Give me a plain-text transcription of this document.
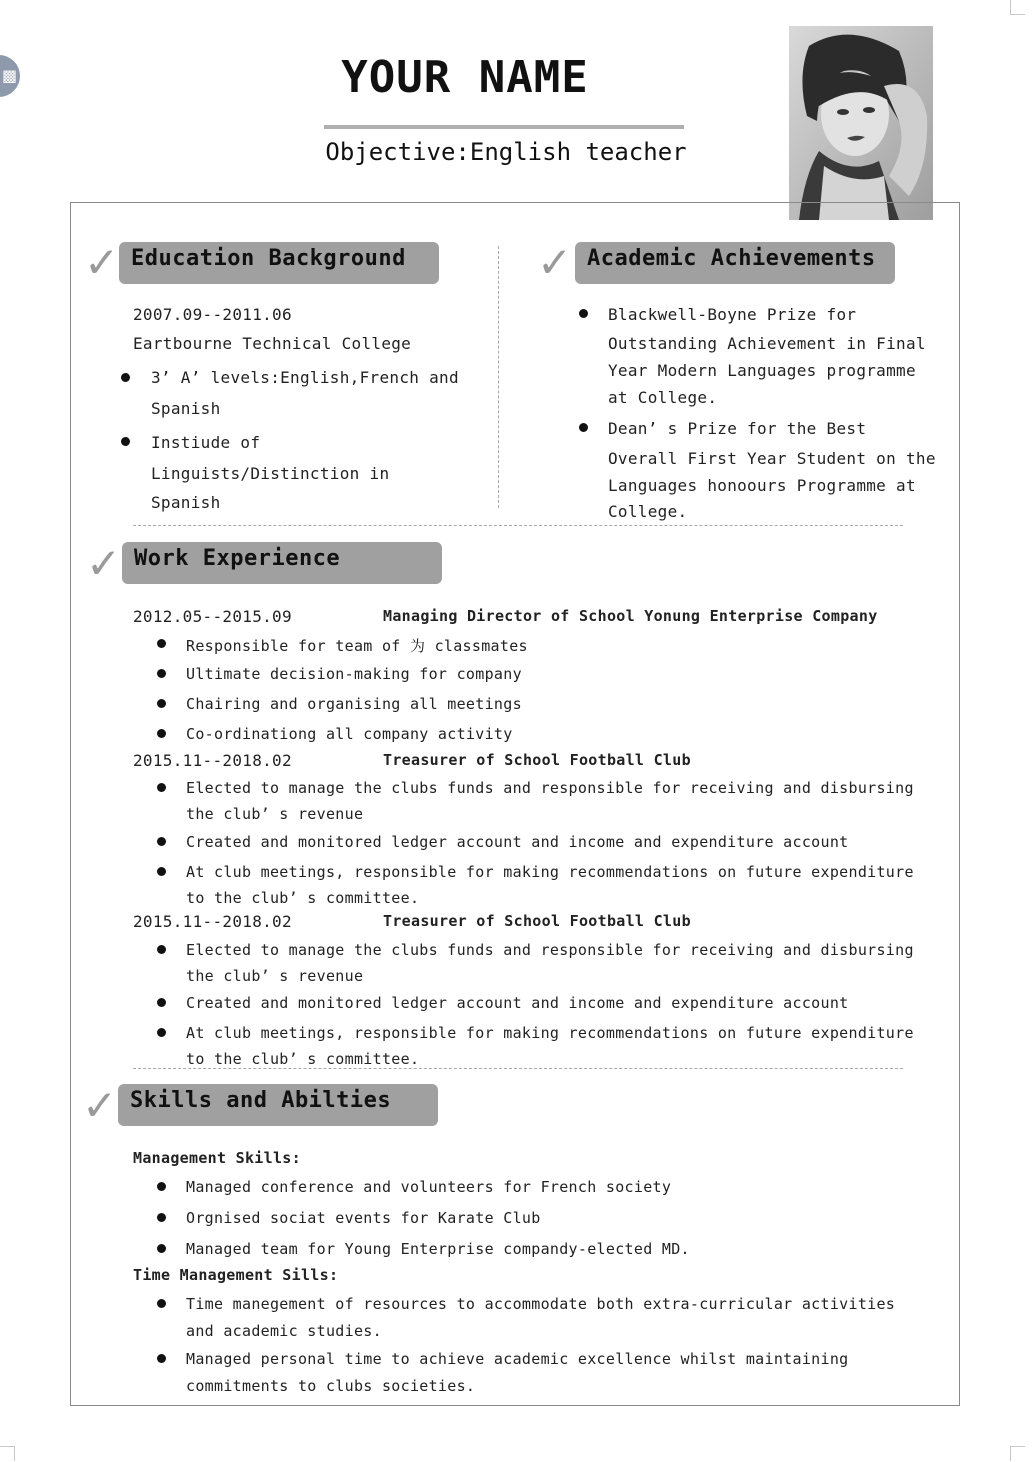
▩	YOUR NAME
Objective:English teacher
✓ Education Background
2007.09--2011.06
Eartbourne Technical College
3’ A’ levels:English,French and
Spanish
Instiude of
Linguists/Distinction in
Spanish
✓ Academic Achievements
Blackwell-Boyne Prize for
Outstanding Achievement in Final
Year Modern Languages programme
at College.
Dean’ s Prize for the Best
Overall First Year Student on the
Languages honoours Programme at
College.
✓ Work Experience
2012.05--2015.09	Managing Director of School Yonung Enterprise Company
Responsible for team of 为 classmates
Ultimate decision-making for company
Chairing and organising all meetings
Co-ordinationg all company activity
2015.11--2018.02	Treasurer of School Football Club
Elected to manage the clubs funds and responsible for receiving and disbursing
the club’ s revenue
Created and monitored ledger account and income and expenditure account
At club meetings, responsible for making recommendations on future expenditure
to the club’ s committee.
2015.11--2018.02	Treasurer of School Football Club
Elected to manage the clubs funds and responsible for receiving and disbursing
the club’ s revenue
Created and monitored ledger account and income and expenditure account
At club meetings, responsible for making recommendations on future expenditure
to the club’ s committee.
✓ Skills and Abilties
Management Skills:
Managed conference and volunteers for French society
Orgnised sociat events for Karate Club
Managed team for Young Enterprise compandy-elected MD.
Time Management Sills:
Time manegement of resources to accommodate both extra-curricular activities
and academic studies.
Managed personal time to achieve academic excellence whilst maintaining
commitments to clubs societies.
